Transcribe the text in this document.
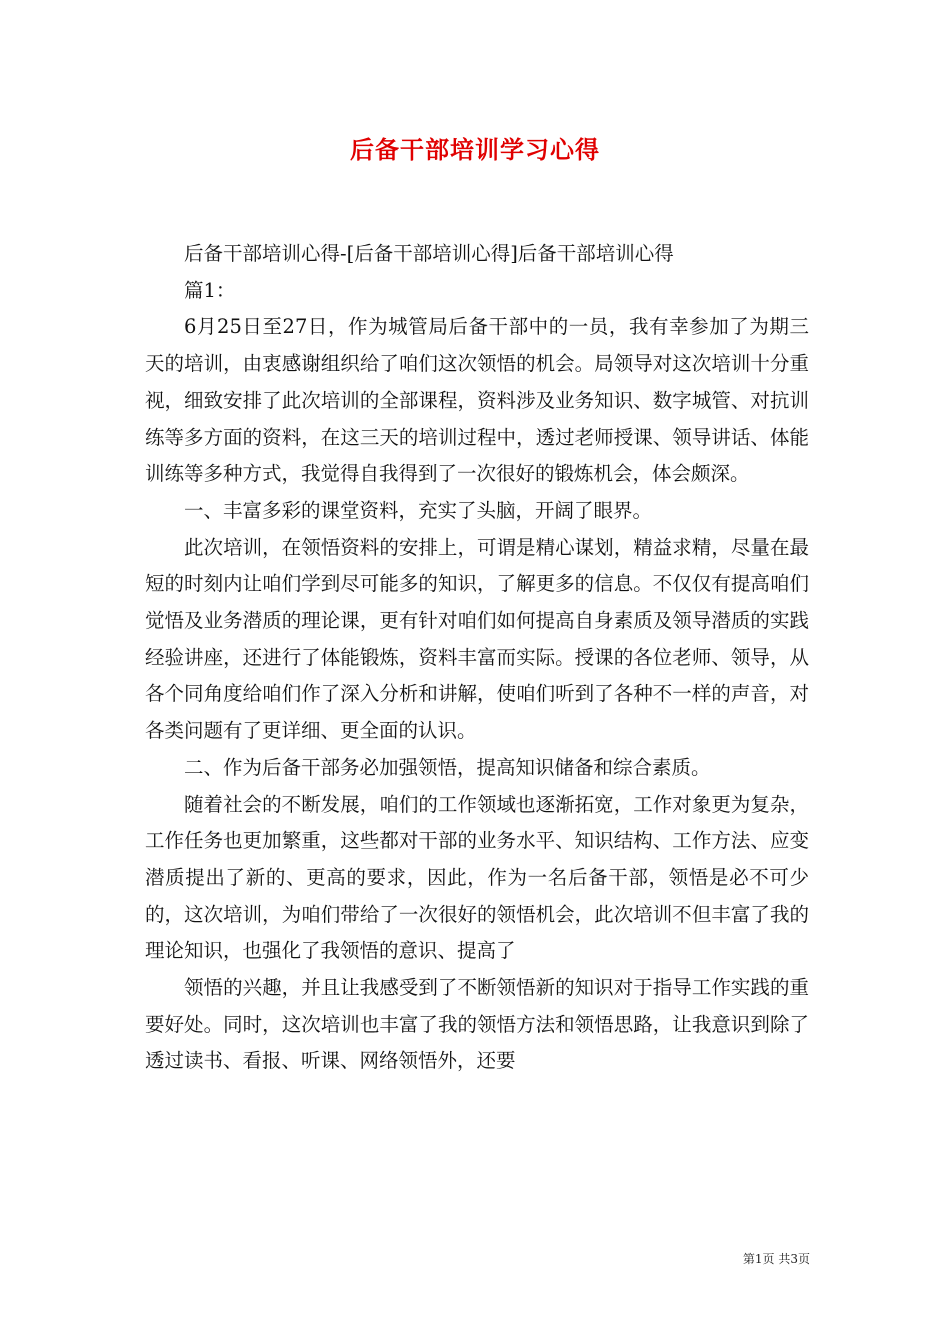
后备干部培训学习心得

后备干部培训心得-[后备干部培训心得]后备干部培训心得

篇1：

6月25日至27日，作为城管局后备干部中的一员，我有幸参加了为期三天的培训，由衷感谢组织给了咱们这次领悟的机会。局领导对这次培训十分重视，细致安排了此次培训的全部课程，资料涉及业务知识、数字城管、对抗训练等多方面的资料，在这三天的培训过程中，透过老师授课、领导讲话、体能训练等多种方式，我觉得自我得到了一次很好的锻炼机会，体会颇深。

一、丰富多彩的课堂资料，充实了头脑，开阔了眼界。

此次培训，在领悟资料的安排上，可谓是精心谋划，精益求精，尽量在最短的时刻内让咱们学到尽可能多的知识，了解更多的信息。不仅仅有提高咱们觉悟及业务潜质的理论课，更有针对咱们如何提高自身素质及领导潜质的实践经验讲座，还进行了体能锻炼，资料丰富而实际。授课的各位老师、领导，从各个同角度给咱们作了深入分析和讲解，使咱们听到了各种不一样的声音，对各类问题有了更详细、更全面的认识。

二、作为后备干部务必加强领悟，提高知识储备和综合素质。

随着社会的不断发展，咱们的工作领域也逐渐拓宽，工作对象更为复杂，工作任务也更加繁重，这些都对干部的业务水平、知识结构、工作方法、应变潜质提出了新的、更高的要求，因此，作为一名后备干部，领悟是必不可少的，这次培训，为咱们带给了一次很好的领悟机会，此次培训不但丰富了我的理论知识，也强化了我领悟的意识、提高了

领悟的兴趣，并且让我感受到了不断领悟新的知识对于指导工作实践的重要好处。同时，这次培训也丰富了我的领悟方法和领悟思路，让我意识到除了透过读书、看报、听课、网络领悟外，还要

第1页 共3页
